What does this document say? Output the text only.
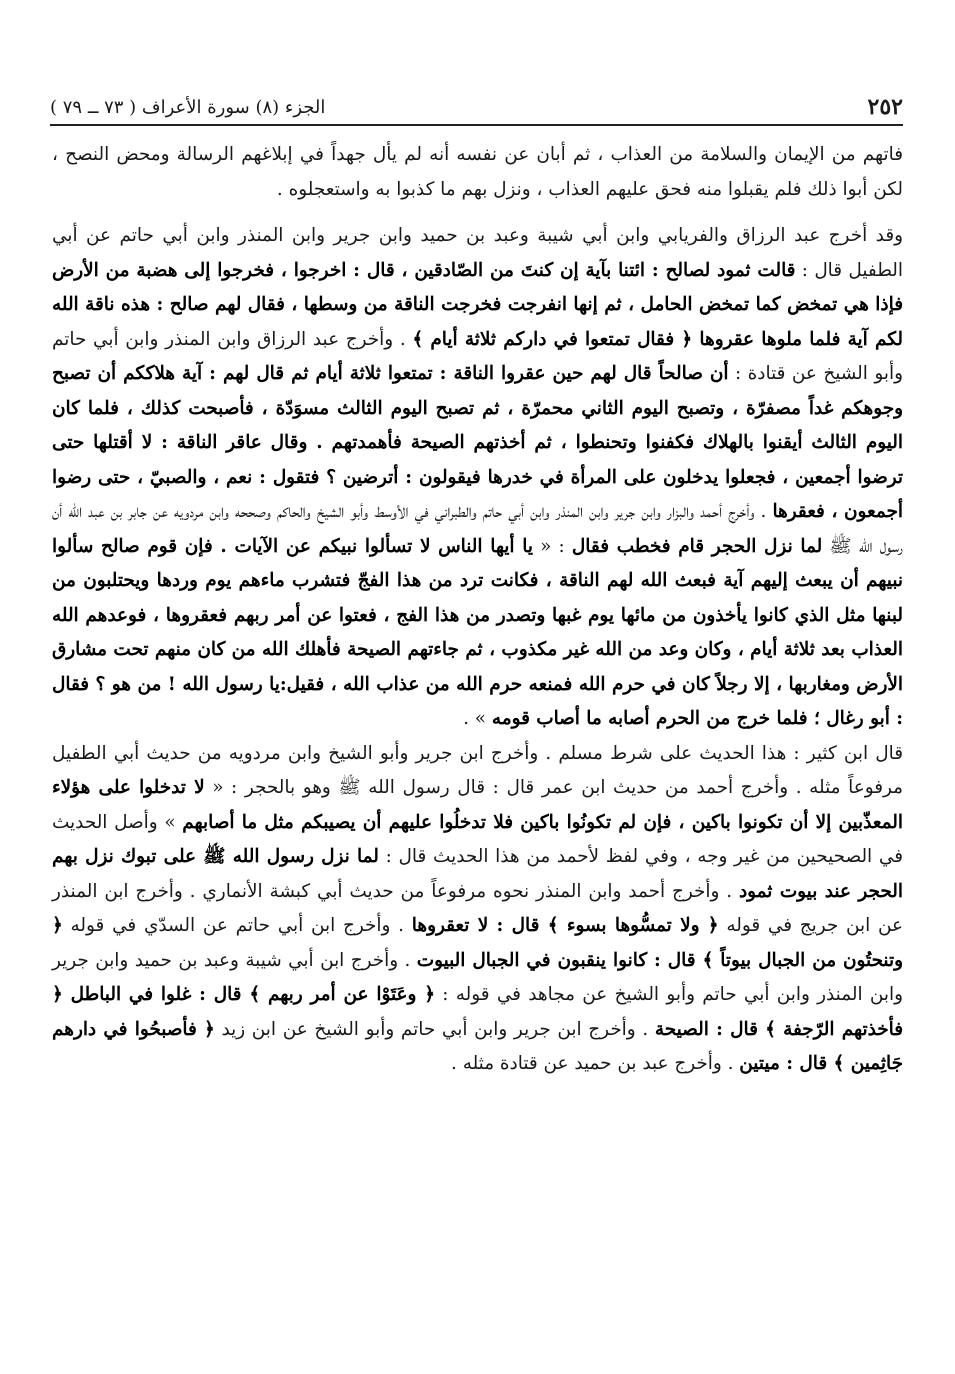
٢٥٢
الجزء (٨) سورة الأعراف ( ٧٣ ــ ٧٩ )

فاتهم من الإيمان والسلامة من العذاب ، ثم أبان عن نفسه أنه لم يأل جهداً في إبلاغهم الرسالة ومحض النصح ، لكن أبوا ذلك فلم يقبلوا منه فحق عليهم العذاب ، ونزل بهم ما كذبوا به واستعجلوه .

وقد أخرج عبد الرزاق والفريابي وابن أبي شيبة وعبد بن حميد وابن جرير وابن المنذر وابن أبي حاتم عن أبي الطفيل قال : قالت ثمود لصالح : ائتنا بآية إن كنتَ من الصّادقين ، قال : اخرجوا ، فخرجوا إلى هضبة من الأرض فإذا هي تمخض كما تمخض الحامل ، ثم إنها انفرجت فخرجت الناقة من وسطها ، فقال لهم صالح : هذه ناقة الله لكم آية فلما ملوها عقروها ﴿ فقال تمتعوا في داركم ثلاثة أيام ﴾ . وأخرج عبد الرزاق وابن المنذر وابن أبي حاتم وأبو الشيخ عن قتادة : أن صالحاً قال لهم حين عقروا الناقة : تمتعوا ثلاثة أيام ثم قال لهم : آية هلاككم أن تصبح وجوهكم غداً مصفرّة ، وتصبح اليوم الثاني محمرّة ، ثم تصبح اليوم الثالث مسوَدّة ، فأصبحت كذلك ، فلما كان اليوم الثالث أيقنوا بالهلاك فكفنوا وتحنطوا ، ثم أخذتهم الصيحة فأهمدتهم . وقال عاقر الناقة : لا أقتلها حتى ترضوا أجمعين ، فجعلوا يدخلون على المرأة في خدرها فيقولون : أترضين ؟ فتقول : نعم ، والصبيّ ، حتى رضوا أجمعون ، فعقرها . وأخرج أحمد والبزار وابن جرير وابن المنذر وابن أبي حاتم والطبراني في الأوسط وأبو الشيخ والحاكم وصححه وابن مردويه عن جابر بن عبد الله أن رسول الله ﷺ لما نزل الحجر قام فخطب فقال : « يا أيها الناس لا تسألوا نبيكم عن الآيات . فإن قوم صالح سألوا نبيهم أن يبعث إليهم آية فبعث الله لهم الناقة ، فكانت ترد من هذا الفجّ فتشرب ماءهم يوم وردها ويحتلبون من لبنها مثل الذي كانوا يأخذون من مائها يوم غبها وتصدر من هذا الفج ، فعتوا عن أمر ربهم فعقروها ، فوعدهم الله العذاب بعد ثلاثة أيام ، وكان وعد من الله غير مكذوب ، ثم جاءتهم الصيحة فأهلك الله من كان منهم تحت مشارق الأرض ومغاربها ، إلا رجلاً كان في حرم الله فمنعه حرم الله من عذاب الله ، فقيل:يا رسول الله ! من هو ؟ فقال : أبو رغال ؛ فلما خرج من الحرم أصابه ما أصاب قومه » .

قال ابن كثير : هذا الحديث على شرط مسلم . وأخرج ابن جرير وأبو الشيخ وابن مردويه من حديث أبي الطفيل مرفوعاً مثله . وأخرج أحمد من حديث ابن عمر قال : قال رسول الله ﷺ وهو بالحجر : « لا تدخلوا على هؤلاء المعذّبين إلا أن تكونوا باكين ، فإن لم تكونُوا باكين فلا تدخلُوا عليهم أن يصيبكم مثل ما أصابهم » وأصل الحديث في الصحيحين من غير وجه ، وفي لفظ لأحمد من هذا الحديث قال : لما نزل رسول الله ﷺ على تبوك نزل بهم الحجر عند بيوت ثمود . وأخرج أحمد وابن المنذر نحوه مرفوعاً من حديث أبي كبشة الأنماري . وأخرج ابن المنذر عن ابن جريج في قوله ﴿ ولا تمسُّوها بسوء ﴾ قال : لا تعقروها . وأخرج ابن أبي حاتم عن السدّي في قوله ﴿ وتنحتُون من الجبال بيوتاً ﴾ قال : كانوا ينقبون في الجبال البيوت . وأخرج ابن أبي شيبة وعبد بن حميد وابن جرير وابن المنذر وابن أبي حاتم وأبو الشيخ عن مجاهد في قوله : ﴿ وعَتَوْا عن أمر ربهم ﴾ قال : غلوا في الباطل ﴿ فأخذتهم الرّجفة ﴾ قال : الصيحة . وأخرج ابن جرير وابن أبي حاتم وأبو الشيخ عن ابن زيد ﴿ فأصبحُوا في دارهم جَاثِمين ﴾ قال : ميتين . وأخرج عبد بن حميد عن قتادة مثله .
